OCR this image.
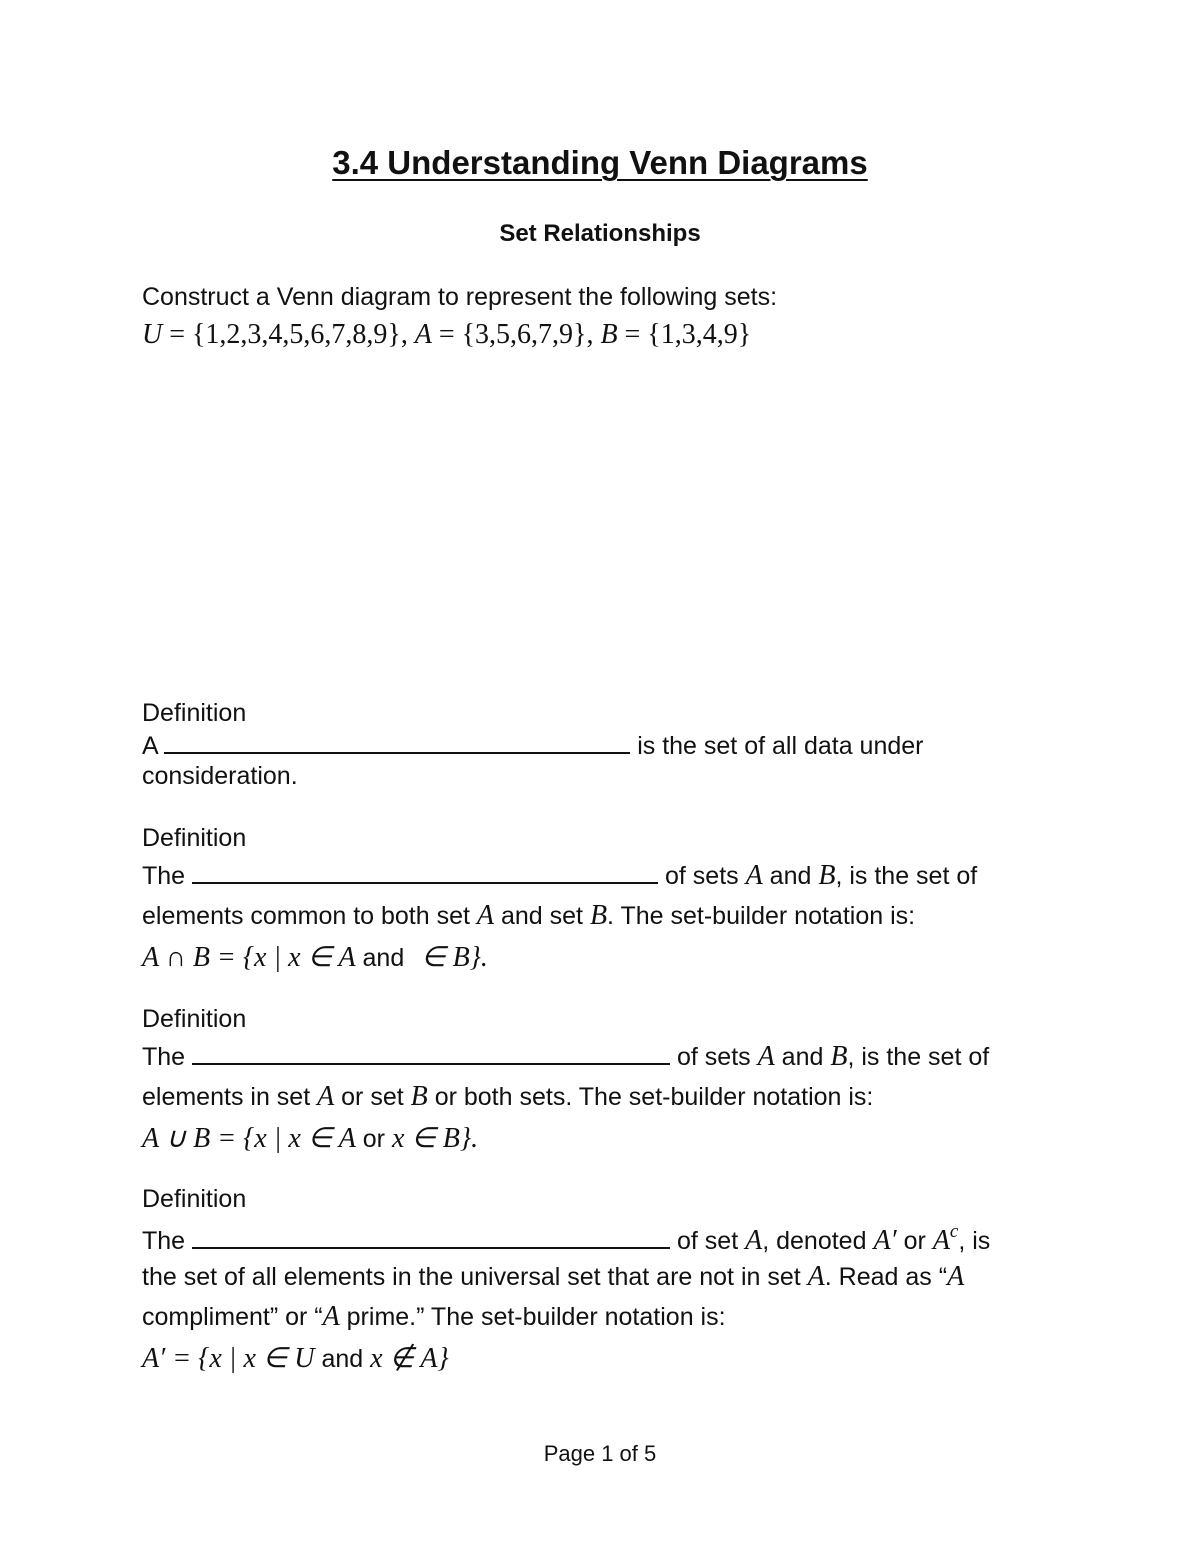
3.4 Understanding Venn Diagrams
Set Relationships
Construct a Venn diagram to represent the following sets:
U = {1,2,3,4,5,6,7,8,9}, A = {3,5,6,7,9}, B = {1,3,4,9}
Definition
A	is the set of all data under
consideration.
Definition
The	of sets A and B, is the set of
elements common to both set A and set B. The set-builder notation is:
A ∩ B = {x | x ∈ A and ∈ B}.
Definition
The	of sets A and B, is the set of
elements in set A or set B or both sets. The set-builder notation is:
A ∪ B = {x | x ∈ A or x ∈ B}.
Definition
The	of set A, denoted A′ or $A^c$, is
the set of all elements in the universal set that are not in set A. Read as “A
compliment” or “A prime.” The set-builder notation is:
A′ = {x | x ∈ U and x ∉ A}
Page 1 of 5
